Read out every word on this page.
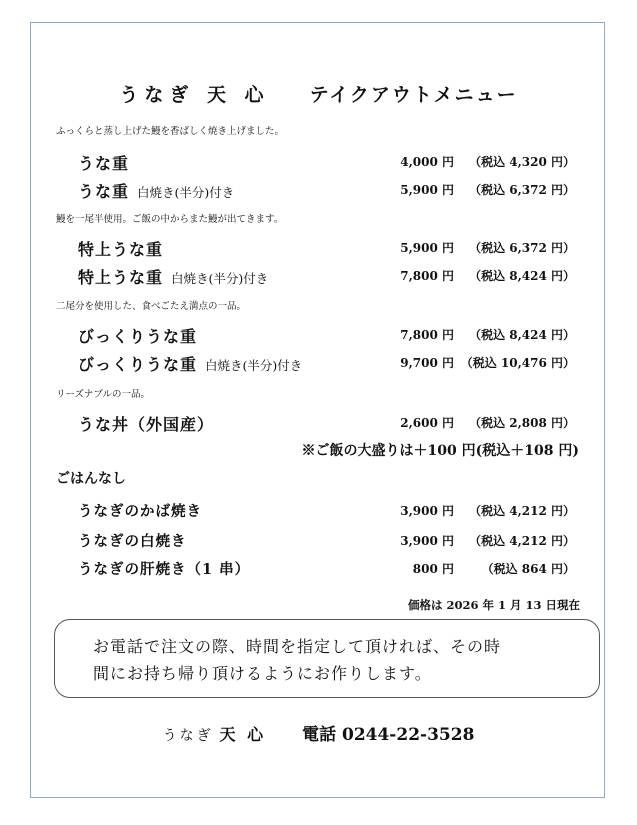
うなぎ 天 心 テイクアウトメニュー
ふっくらと蒸し上げた鰻を香ばしく焼き上げました。
うな重	4,000 円 （税込 4,320 円）
うな重 白焼き(半分)付き	5,900 円 （税込 6,372 円）
鰻を一尾半使用。ご飯の中からまた鰻が出てきます。
特上うな重	5,900 円 （税込 6,372 円）
特上うな重 白焼き(半分)付き	7,800 円 （税込 8,424 円）
二尾分を使用した、食べごたえ満点の一品。
びっくりうな重	7,800 円 （税込 8,424 円）
びっくりうな重 白焼き(半分)付き	9,700 円 （税込 10,476 円）
リーズナブルの一品。
うな丼（外国産）	2,600 円 （税込 2,808 円）
※ご飯の大盛りは＋100 円(税込＋108 円)
ごはんなし
うなぎのかば焼き	3,900 円 （税込 4,212 円）
うなぎの白焼き	3,900 円 （税込 4,212 円）
うなぎの肝焼き（1 串）	800 円 （税込 864 円）
価格は 2026 年 1 月 13 日現在
お電話で注文の際、時間を指定して頂ければ、その時
間にお持ち帰り頂けるようにお作りします。
うなぎ 天 心 電話 0244-22-3528
